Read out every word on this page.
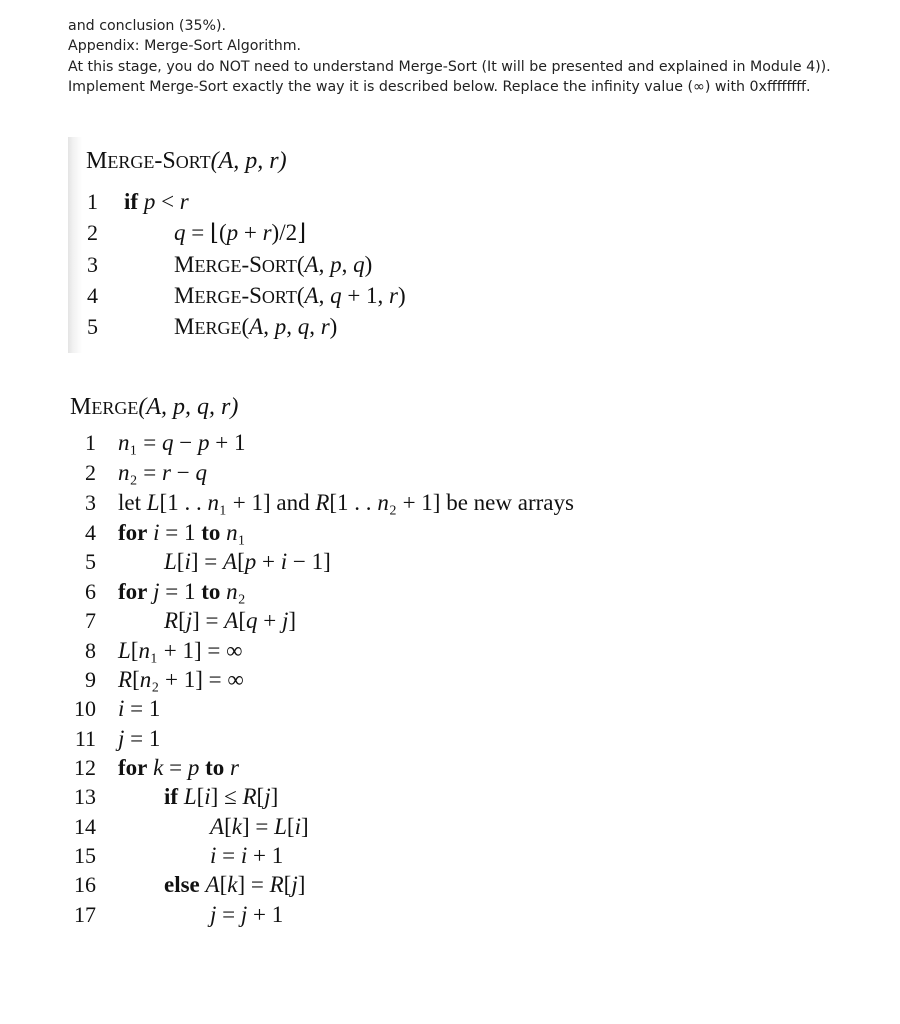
and conclusion (35%).
Appendix: Merge-Sort Algorithm.
At this stage, you do NOT need to understand Merge-Sort (It will be presented and explained in Module 4)).
Implement Merge-Sort exactly the way it is described below. Replace the infinity value (∞) with 0xffffffff.
MERGE-SORT(A, p, r)
1 if p < r
2	q = ⌊(p + r)/2⌋
3	MERGE-SORT(A, p, q)
4	MERGE-SORT(A, q + 1, r)
5	MERGE(A, p, q, r)
MERGE(A, p, q, r)
1 n₁ = q − p + 1
2 n₂ = r − q
3 let L[1 . . n₁ + 1] and R[1 . . n₂ + 1] be new arrays
4 for i = 1 to n₁
5	L[i] = A[p + i − 1]
6 for j = 1 to n₂
7	R[j] = A[q + j]
8 L[n₁ + 1] = ∞
9 R[n₂ + 1] = ∞
10 i = 1
11 j = 1
12 for k = p to r
13	if L[i] ≤ R[j]
14	A[k] = L[i]
15	i = i + 1
16	else A[k] = R[j]
17	j = j + 1
